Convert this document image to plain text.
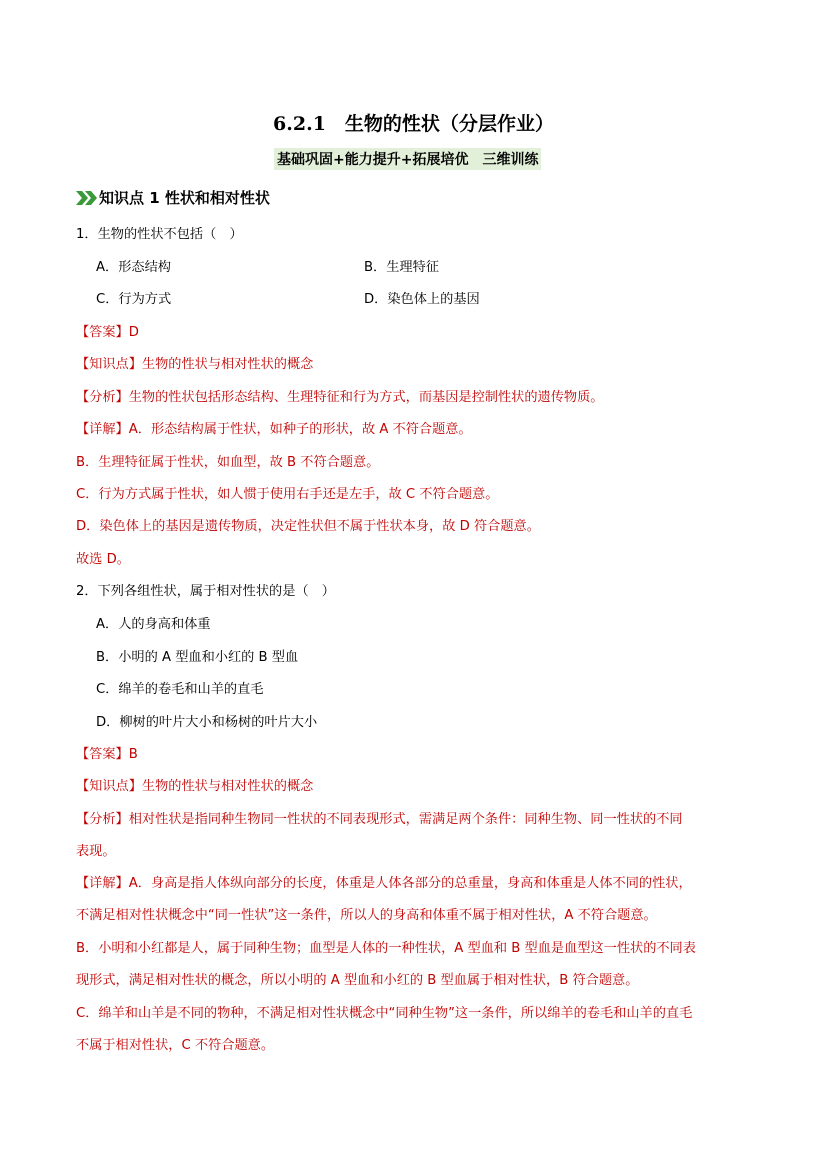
6.2.1　生物的性状（分层作业）
基础巩固+能力提升+拓展培优　三维训练
知识点 1 性状和相对性状
1．生物的性状不包括（　）
A．形态结构	B．生理特征
C．行为方式	D．染色体上的基因
【答案】D
【知识点】生物的性状与相对性状的概念
【分析】生物的性状包括形态结构、生理特征和行为方式，而基因是控制性状的遗传物质。
【详解】A．形态结构属于性状，如种子的形状，故 A 不符合题意。
B．生理特征属于性状，如血型，故 B 不符合题意。
C．行为方式属于性状，如人惯于使用右手还是左手，故 C 不符合题意。
D．染色体上的基因是遗传物质，决定性状但不属于性状本身，故 D 符合题意。
故选 D。
2．下列各组性状，属于相对性状的是（　）
A．人的身高和体重
B．小明的 A 型血和小红的 B 型血
C．绵羊的卷毛和山羊的直毛
D．柳树的叶片大小和杨树的叶片大小
【答案】B
【知识点】生物的性状与相对性状的概念
【分析】相对性状是指同种生物同一性状的不同表现形式，需满足两个条件：同种生物、同一性状的不同
表现。
【详解】A．身高是指人体纵向部分的长度，体重是人体各部分的总重量，身高和体重是人体不同的性状，
不满足相对性状概念中“同一性状”这一条件，所以人的身高和体重不属于相对性状，A 不符合题意。
B．小明和小红都是人，属于同种生物；血型是人体的一种性状，A 型血和 B 型血是血型这一性状的不同表
现形式，满足相对性状的概念，所以小明的 A 型血和小红的 B 型血属于相对性状，B 符合题意。
C．绵羊和山羊是不同的物种，不满足相对性状概念中“同种生物”这一条件，所以绵羊的卷毛和山羊的直毛
不属于相对性状，C 不符合题意。
